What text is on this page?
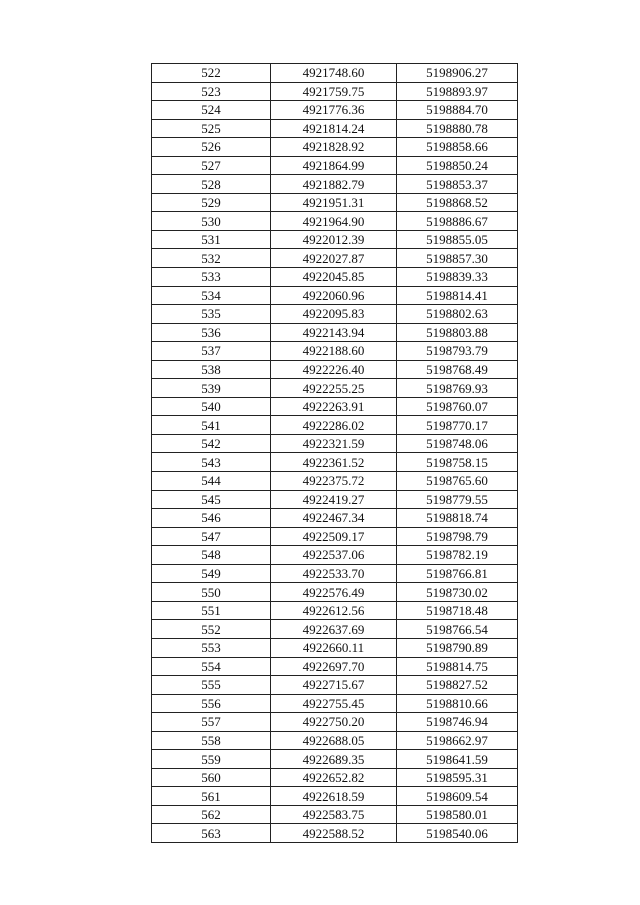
522	4921748.60	5198906.27
523	4921759.75	5198893.97
524	4921776.36	5198884.70
525	4921814.24	5198880.78
526	4921828.92	5198858.66
527	4921864.99	5198850.24
528	4921882.79	5198853.37
529	4921951.31	5198868.52
530	4921964.90	5198886.67
531	4922012.39	5198855.05
532	4922027.87	5198857.30
533	4922045.85	5198839.33
534	4922060.96	5198814.41
535	4922095.83	5198802.63
536	4922143.94	5198803.88
537	4922188.60	5198793.79
538	4922226.40	5198768.49
539	4922255.25	5198769.93
540	4922263.91	5198760.07
541	4922286.02	5198770.17
542	4922321.59	5198748.06
543	4922361.52	5198758.15
544	4922375.72	5198765.60
545	4922419.27	5198779.55
546	4922467.34	5198818.74
547	4922509.17	5198798.79
548	4922537.06	5198782.19
549	4922533.70	5198766.81
550	4922576.49	5198730.02
551	4922612.56	5198718.48
552	4922637.69	5198766.54
553	4922660.11	5198790.89
554	4922697.70	5198814.75
555	4922715.67	5198827.52
556	4922755.45	5198810.66
557	4922750.20	5198746.94
558	4922688.05	5198662.97
559	4922689.35	5198641.59
560	4922652.82	5198595.31
561	4922618.59	5198609.54
562	4922583.75	5198580.01
563	4922588.52	5198540.06
